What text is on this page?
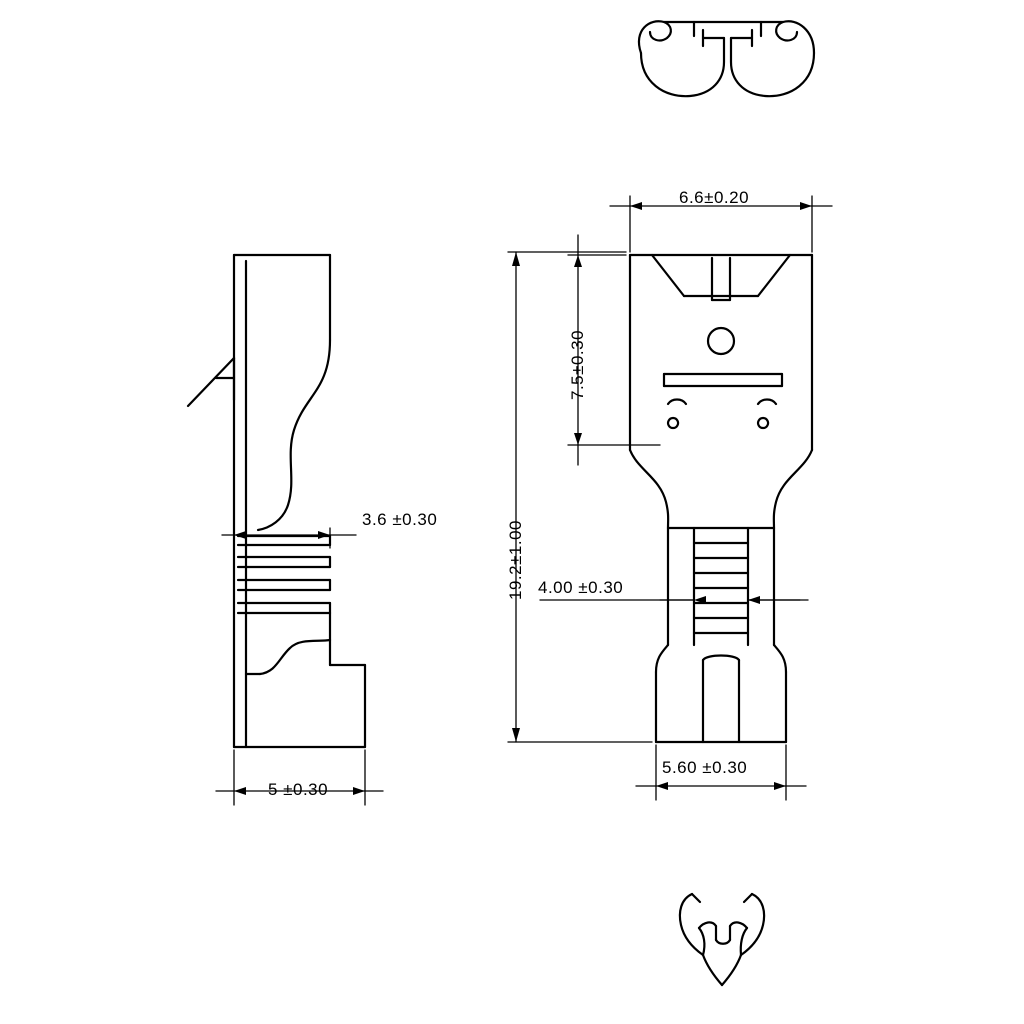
6.6±0.20
7.5±0.30
19.2±1.00 4.00 ±0.30
5.60 ±0.30
3.6 ±0.30
5 ±0.30
